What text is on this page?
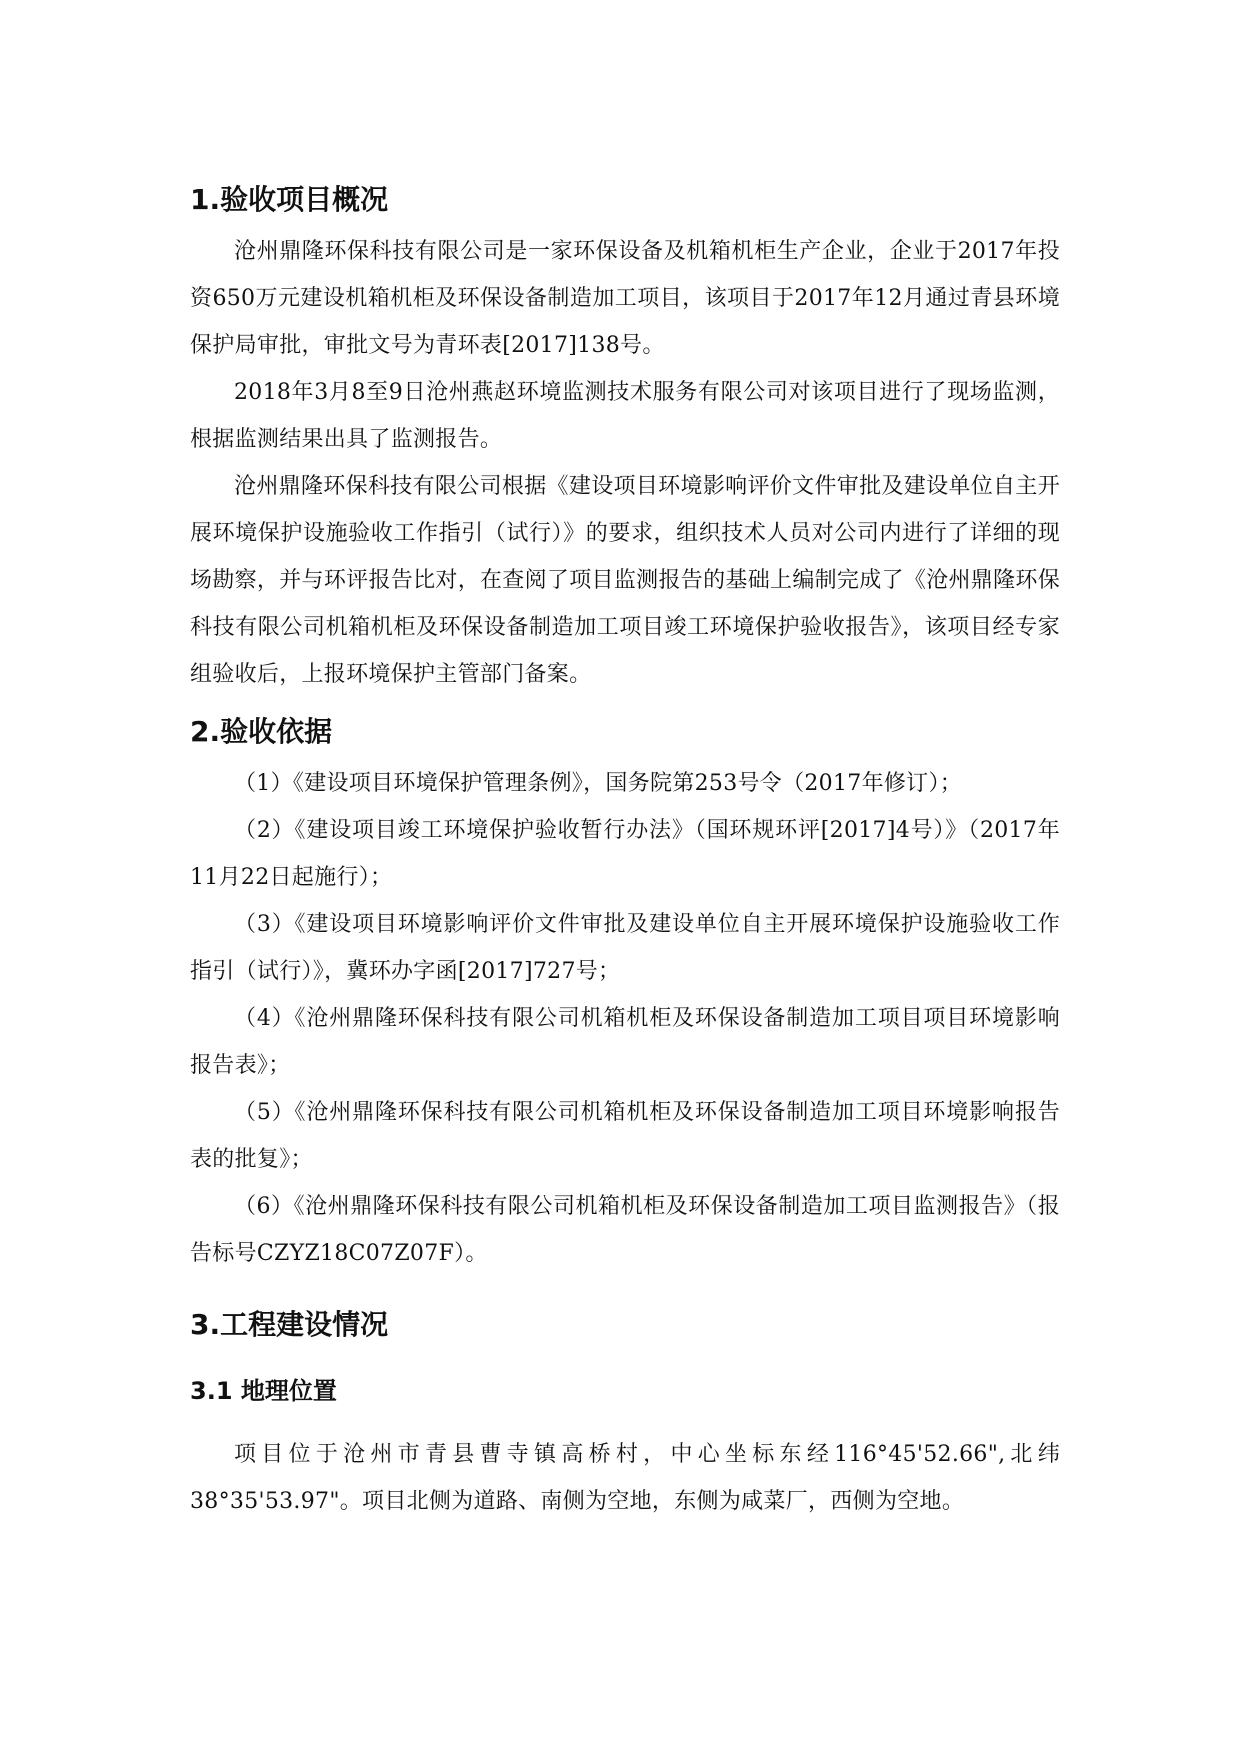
1.验收项目概况

沧州鼎隆环保科技有限公司是一家环保设备及机箱机柜生产企业，企业于2017年投资650万元建设机箱机柜及环保设备制造加工项目，该项目于2017年12月通过青县环境保护局审批，审批文号为青环表[2017]138号。

2018年3月8至9日沧州燕赵环境监测技术服务有限公司对该项目进行了现场监测，根据监测结果出具了监测报告。

沧州鼎隆环保科技有限公司根据《建设项目环境影响评价文件审批及建设单位自主开展环境保护设施验收工作指引（试行）》的要求，组织技术人员对公司内进行了详细的现场勘察，并与环评报告比对，在查阅了项目监测报告的基础上编制完成了《沧州鼎隆环保科技有限公司机箱机柜及环保设备制造加工项目竣工环境保护验收报告》，该项目经专家组验收后，上报环境保护主管部门备案。

2.验收依据

（1）《建设项目环境保护管理条例》，国务院第253号令（2017年修订）；

（2）《建设项目竣工环境保护验收暂行办法》（国环规环评[2017]4号）》（2017年11月22日起施行）；

（3）《建设项目环境影响评价文件审批及建设单位自主开展环境保护设施验收工作指引（试行）》，冀环办字函[2017]727号；

（4）《沧州鼎隆环保科技有限公司机箱机柜及环保设备制造加工项目项目环境影响报告表》；

（5）《沧州鼎隆环保科技有限公司机箱机柜及环保设备制造加工项目环境影响报告表的批复》；

（6）《沧州鼎隆环保科技有限公司机箱机柜及环保设备制造加工项目监测报告》（报告标号CZYZ18C07Z07F）。

3.工程建设情况
3.1 地理位置

项目位于沧州市青县曹寺镇高桥村，中心坐标东经116°45'52.66",北纬38°35'53.97"。项目北侧为道路、南侧为空地，东侧为咸菜厂，西侧为空地。
